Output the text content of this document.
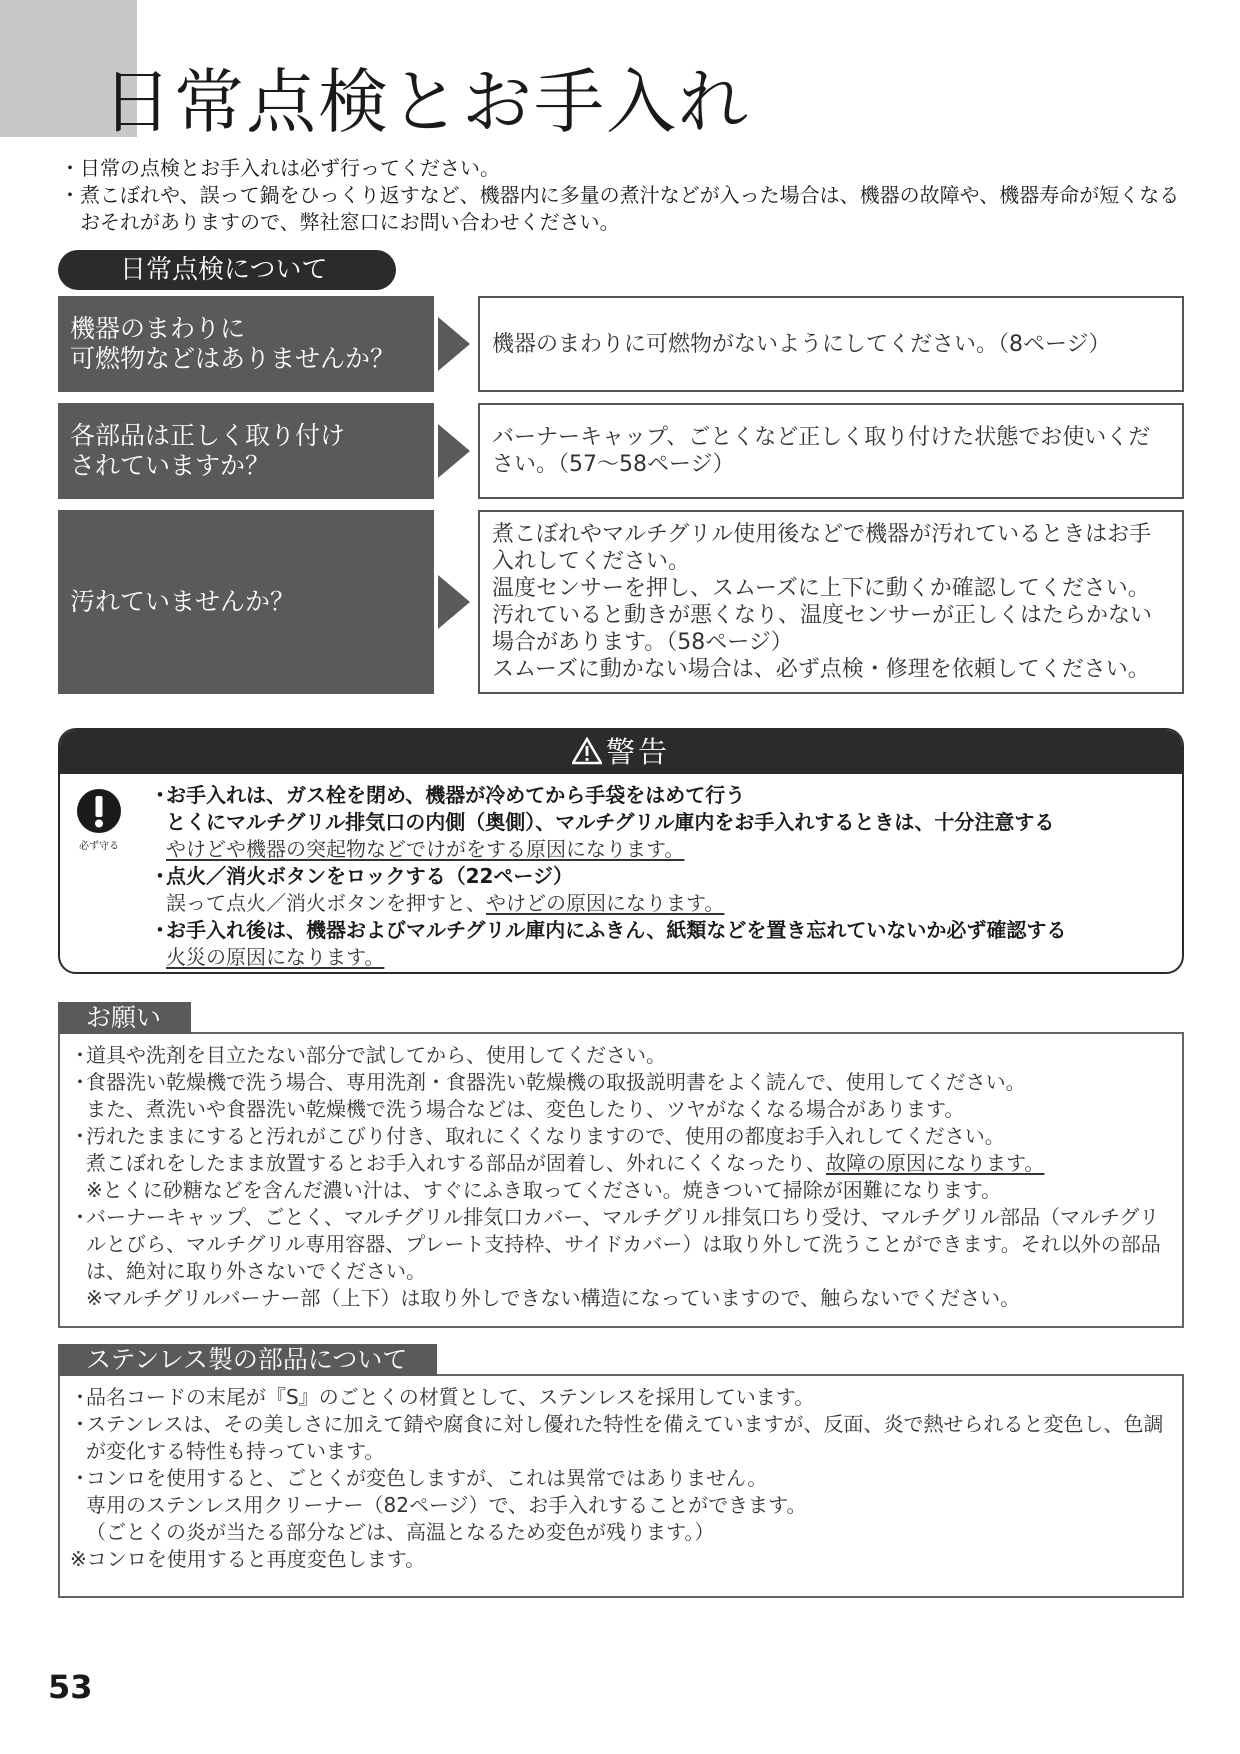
日常点検とお手入れ
・ 日常の点検とお手入れは必ず行ってください。
・ 煮こぼれや、誤って鍋をひっくり返すなど、機器内に多量の煮汁などが入った場合は、機器の故障や、機器寿命が短くなるおそれがありますので、弊社窓口にお問い合わせください。
日常点検について
機器のまわりに
可燃物などはありませんか？	機器のまわりに可燃物がないようにしてください。（8ページ）
各部品は正しく取り付け
されていますか？
バーナーキャップ、ごとくなど正しく取り付けた状態でお使いください。（57〜58ページ）
汚れていませんか？
煮こぼれやマルチグリル使用後などで機器が汚れているときはお手入れしてください。
温度センサーを押し、スムーズに上下に動くか確認してください。汚れていると動きが悪くなり、温度センサーが正しくはたらかない場合があります。（58ページ）
スムーズに動かない場合は、必ず点検・修理を依頼してください。
警告
必ず守る
・
お手入れは、ガス栓を閉め、機器が冷めてから手袋をはめて行う
とくにマルチグリル排気口の内側（奥側）、マルチグリル庫内をお手入れするときは、十分注意する
やけどや機器の突起物などでけがをする原因になります。
・
点火／消火ボタンをロックする（22ページ）
誤って点火／消火ボタンを押すと、やけどの原因になります。
・
お手入れ後は、機器およびマルチグリル庫内にふきん、紙類などを置き忘れていないか必ず確認する
火災の原因になります。
お願い
・
道具や洗剤を目立たない部分で試してから、使用してください。
・
食器洗い乾燥機で洗う場合、専用洗剤・食器洗い乾燥機の取扱説明書をよく読んで、使用してください。
また、煮洗いや食器洗い乾燥機で洗う場合などは、変色したり、ツヤがなくなる場合があります。
・
汚れたままにすると汚れがこびり付き、取れにくくなりますので、使用の都度お手入れしてください。
煮こぼれをしたまま放置するとお手入れする部品が固着し、外れにくくなったり、故障の原因になります。
※とくに砂糖などを含んだ濃い汁は、すぐにふき取ってください。焼きついて掃除が困難になります。
・
バーナーキャップ、ごとく、マルチグリル排気口カバー、マルチグリル排気口ちり受け、マルチグリル部品（マルチグリルとびら、マルチグリル専用容器、プレート支持枠、サイドカバー）は取り外して洗うことができます。それ以外の部品は、絶対に取り外さないでください。
※マルチグリルバーナー部（上下）は取り外しできない構造になっていますので、触らないでください。
ステンレス製の部品について
・
品名コードの末尾が『S』のごとくの材質として、ステンレスを採用しています。
・
ステンレスは、その美しさに加えて錆や腐食に対し優れた特性を備えていますが、反面、炎で熱せられると変色し、色調が変化する特性も持っています。
・
コンロを使用すると、ごとくが変色しますが、これは異常ではありません。
専用のステンレス用クリーナー（82ページ）で、お手入れすることができます。
（ごとくの炎が当たる部分などは、高温となるため変色が残ります。）
※コンロを使用すると再度変色します。
53
